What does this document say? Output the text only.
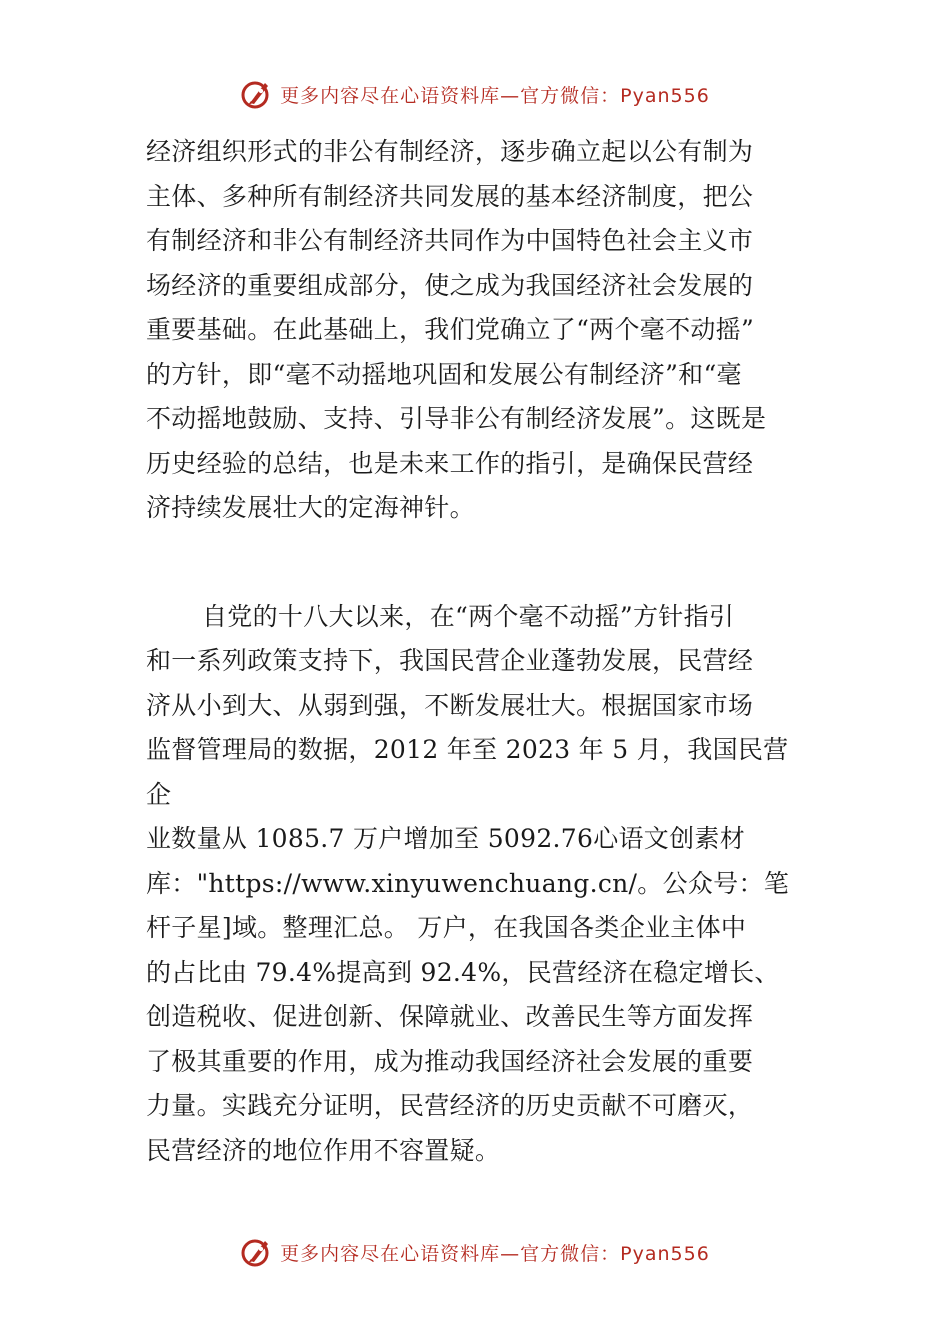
更多内容尽在心语资料库—官方微信：Pyan556

经济组织形式的非公有制经济，逐步确立起以公有制为

主体、多种所有制经济共同发展的基本经济制度，把公

有制经济和非公有制经济共同作为中国特色社会主义市

场经济的重要组成部分，使之成为我国经济社会发展的

重要基础。在此基础上，我们党确立了“两个毫不动摇”

的方针，即“毫不动摇地巩固和发展公有制经济”和“毫

不动摇地鼓励、支持、引导非公有制经济发展”。这既是

历史经验的总结，也是未来工作的指引，是确保民营经

济持续发展壮大的定海神针。

自党的十八大以来，在“两个毫不动摇”方针指引

和一系列政策支持下，我国民营企业蓬勃发展，民营经

济从小到大、从弱到强，不断发展壮大。根据国家市场

监督管理局的数据，2012 年至 2023 年 5 月，我国民营

企

业数量从 1085.7 万户增加至 5092.76心语文创素材

库："https://www.xinyuwenchuang.cn/。公众号：笔

杆子星]域。整理汇总。 万户，在我国各类企业主体中

的占比由 79.4%提高到 92.4%，民营经济在稳定增长、

创造税收、促进创新、保障就业、改善民生等方面发挥

了极其重要的作用，成为推动我国经济社会发展的重要

力量。实践充分证明，民营经济的历史贡献不可磨灭，

民营经济的地位作用不容置疑。

更多内容尽在心语资料库—官方微信：Pyan556
